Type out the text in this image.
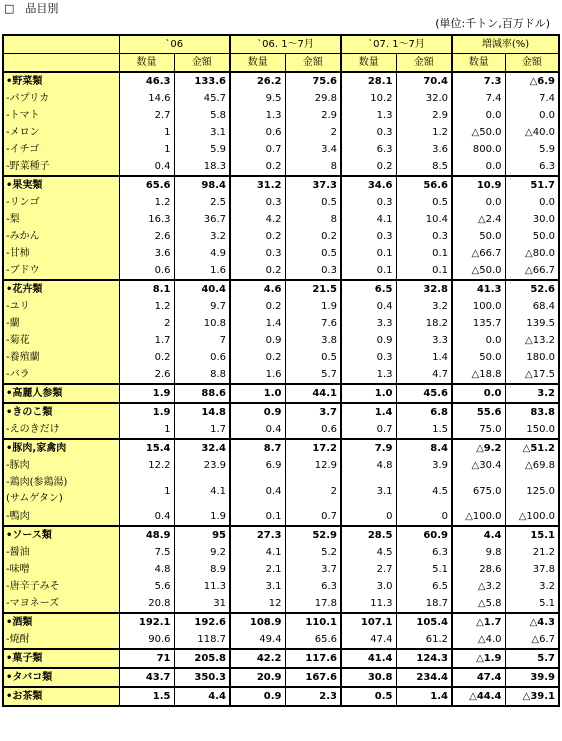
□　品目別
(単位:千トン,百万ドル)
	`06		`06. 1～7月		`07. 1～7月		増減率(%)	
	数量	金額	数量	金額	数量	金額	数量	金額
•野菜類	46.3	133.6	26.2	75.6	28.1	70.4	7.3	△6.9
-パプリカ	14.6	45.7	9.5	29.8	10.2	32.0	7.4	7.4
-トマト	2.7	5.8	1.3	2.9	1.3	2.9	0.0	0.0
-メロン	1	3.1	0.6	2	0.3	1.2	△50.0	△40.0
-イチゴ	1	5.9	0.7	3.4	6.3	3.6	800.0	5.9
-野菜種子	0.4	18.3	0.2	8	0.2	8.5	0.0	6.3
•果実類	65.6	98.4	31.2	37.3	34.6	56.6	10.9	51.7
-リンゴ	1.2	2.5	0.3	0.5	0.3	0.5	0.0	0.0
-梨	16.3	36.7	4.2	8	4.1	10.4	△2.4	30.0
-みかん	2.6	3.2	0.2	0.2	0.3	0.3	50.0	50.0
-甘柿	3.6	4.9	0.3	0.5	0.1	0.1	△66.7	△80.0
-ブドウ	0.6	1.6	0.2	0.3	0.1	0.1	△50.0	△66.7
•花卉類	8.1	40.4	4.6	21.5	6.5	32.8	41.3	52.6
-ユリ	1.2	9.7	0.2	1.9	0.4	3.2	100.0	68.4
-蘭	2	10.8	1.4	7.6	3.3	18.2	135.7	139.5
-菊花	1.7	7	0.9	3.8	0.9	3.3	0.0	△13.2
-養殖蘭	0.2	0.6	0.2	0.5	0.3	1.4	50.0	180.0
-バラ	2.6	8.8	1.6	5.7	1.3	4.7	△18.8	△17.5
•高麗人参類	1.9	88.6	1.0	44.1	1.0	45.6	0.0	3.2
•きのこ類	1.9	14.8	0.9	3.7	1.4	6.8	55.6	83.8
-えのきだけ	1	1.7	0.4	0.6	0.7	1.5	75.0	150.0
•豚肉,家禽肉	15.4	32.4	8.7	17.2	7.9	8.4	△9.2	△51.2
-豚肉	12.2	23.9	6.9	12.9	4.8	3.9	△30.4	△69.8

-鶏肉(参鶏湯)
(サムゲタン)	1	4.1	0.4	2	3.1	4.5	675.0	125.0
-鴨肉	0.4	1.9	0.1	0.7	0	0	△100.0	△100.0
•ソース類	48.9	95	27.3	52.9	28.5	60.9	4.4	15.1
-醤油	7.5	9.2	4.1	5.2	4.5	6.3	9.8	21.2
-味噌	4.8	8.9	2.1	3.7	2.7	5.1	28.6	37.8
-唐辛子みそ	5.6	11.3	3.1	6.3	3.0	6.5	△3.2	3.2
-マヨネーズ	20.8	31	12	17.8	11.3	18.7	△5.8	5.1
•酒類	192.1	192.6	108.9	110.1	107.1	105.4	△1.7	△4.3
-焼酎	90.6	118.7	49.4	65.6	47.4	61.2	△4.0	△6.7
•菓子類	71	205.8	42.2	117.6	41.4	124.3	△1.9	5.7
•タバコ類	43.7	350.3	20.9	167.6	30.8	234.4	47.4	39.9
•お茶類	1.5	4.4	0.9	2.3	0.5	1.4	△44.4	△39.1
